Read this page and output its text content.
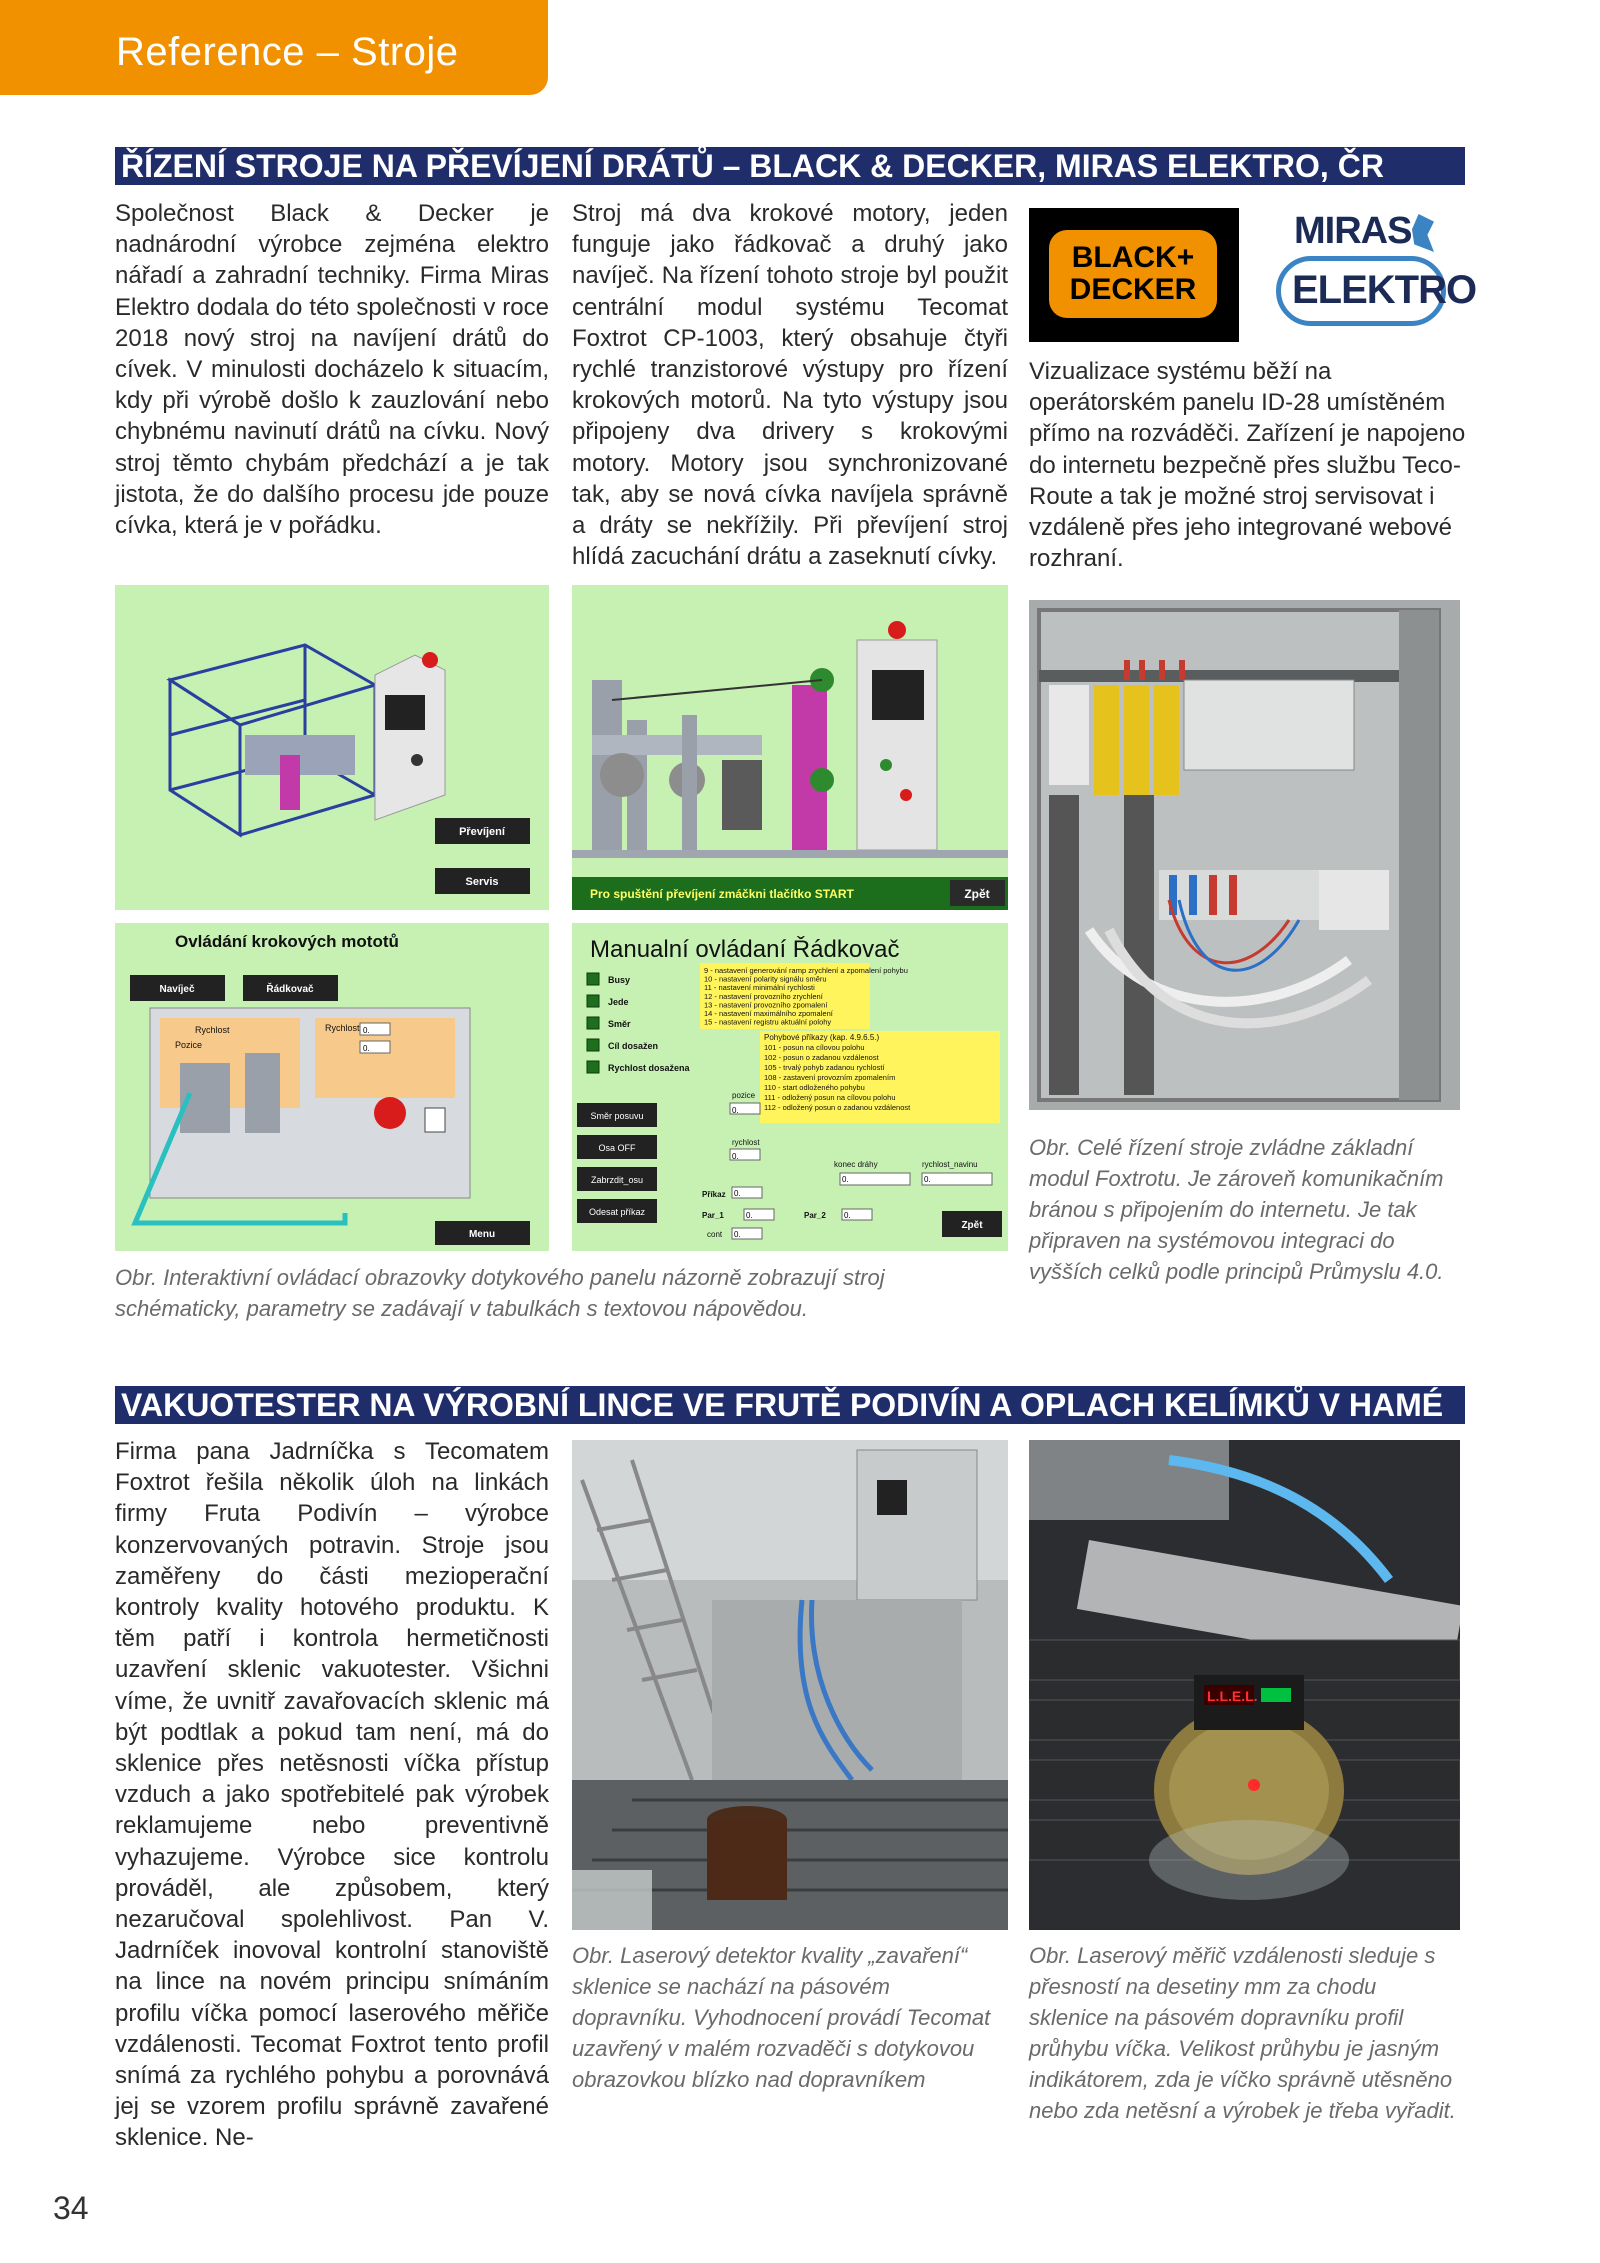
Reference – Stroje
ŘÍZENÍ STROJE NA PŘEVÍJENÍ DRÁTŮ – BLACK & DECKER, MIRAS ELEKTRO, ČR
Společnost Black & Decker je nadnárodní výrobce zejména elektro nářadí a zahradní techniky. Firma Miras Elektro dodala do této společnosti v roce 2018 nový stroj na navíjení drátů do cívek. V minulosti docházelo k situacím, kdy při výrobě došlo k zauzlování nebo chybnému navinutí drátů na cívku. Nový stroj těmto chybám předchází a je tak jistota, že do dalšího procesu jde pouze cívka, která je v pořádku.
Stroj má dva krokové motory, jeden funguje jako řádkovač a druhý jako navíječ. Na řízení tohoto stroje byl použit centrální modul systému Tecomat Foxtrot CP-1003, který obsahuje čtyři rychlé tranzistorové výstupy pro řízení krokových motorů. Na tyto výstupy jsou připojeny dva drivery s krokovými motory. Motory jsou synchronizované tak, aby se nová cívka navíjela správně a dráty se nekřížily. Při převíjení stroj hlídá zacuchání drátu a zaseknutí cívky.
BLACK+
DECKER
MIRAS
ELEKTRO
Vizualizace systému běží na operátorském panelu ID-28 umístěném přímo na rozváděči. Zařízení je napojeno do internetu bezpečně přes službu Teco-Route a tak je možné stroj servisovat i vzdáleně přes jeho integrované webové rozhraní.
Převíjení
Servis
Pro spuštění převíjení zmáčkni tlačítko START	Zpět
Ovládání krokových mototů
Navíječ	Řádkovač
Rychlost
Pozice
Rychlost 0.
0.
Menu
Manualní ovládaní Řádkovač
Busy
Jede
Směr
Cíl dosažen
Rychlost dosažena
9 - nastavení generování ramp zrychlení a zpomalení pohybu
10 - nastavení polarity signálu směru
11 - nastavení minimální rychlosti
12 - nastavení provozního zrychlení
13 - nastavení provozního zpomalení
14 - nastavení maximálního zpomalení
15 - nastavení registru aktuální polohy
Pohybové příkazy (kap. 4.9.6.5.)
101 - posun na cílovou polohu
102 - posun o zadanou vzdálenost
105 - trvalý pohyb zadanou rychlostí
108 - zastavení provozním zpomalením
110 - start odloženého pohybu
111 - odložený posun na cílovou polohu
112 - odložený posun o zadanou vzdálenost
Směr posuvu
Osa OFF
Zabrzdit_osu
Odesat příkaz
pozice
0.
rychlost
0.
konec dráhy	rychlost_navinu
0.	0.
Příkaz 0.
Par_1	0.	Par_2 0.
cont 0.
Zpět
Obr. Interaktivní ovládací obrazovky dotykového panelu názorně zobrazují stroj schématicky, parametry se zadávají v tabulkách s textovou nápovědou.
Obr. Celé řízení stroje zvládne základní modul Foxtrotu. Je zároveň komunikačním bránou s připojením do internetu. Je tak připraven na systémovou integraci do vyšších celků podle principů Průmyslu 4.0.
VAKUOTESTER NA VÝROBNÍ LINCE VE FRUTĚ PODIVÍN A OPLACH KELÍMKŮ V HAMÉ
Firma pana Jadrníčka s Tecomatem Foxtrot řešila několik úloh na linkách firmy Fruta Podivín – výrobce konzervovaných potravin. Stroje jsou zaměřeny do části mezioperační kontroly kvality hotového produktu. K těm patří i kontrola hermetičnosti uzavření sklenic vakuotester. Všichni víme, že uvnitř zavařovacích sklenic má být podtlak a pokud tam není, má do sklenice přes netěsnosti víčka přístup vzduch a jako spotřebitelé pak výrobek reklamujeme nebo preventivně vyhazujeme. Výrobce sice kontrolu prováděl, ale způsobem, který nezaručoval spolehlivost. Pan V. Jadrníček inovoval kontrolní stanoviště na lince na novém principu snímáním profilu víčka pomocí laserového měřiče vzdálenosti. Tecomat Foxtrot tento profil snímá za rychlého pohybu a porovnává jej se vzorem profilu správně zavařené sklenice. Ne-
L.L.E.L.
Obr. Laserový detektor kvality „zavaření“ sklenice se nachází na pásovém dopravníku. Vyhodnocení provádí Tecomat uzavřený v malém rozvaděči s dotykovou obrazovkou blízko nad dopravníkem
Obr. Laserový měřič vzdálenosti sleduje s přesností na desetiny mm za chodu sklenice na pásovém dopravníku profil průhybu víčka. Velikost průhybu je jasným indikátorem, zda je víčko správně utěsněno nebo zda netěsní a výrobek je třeba vyřadit.
34
